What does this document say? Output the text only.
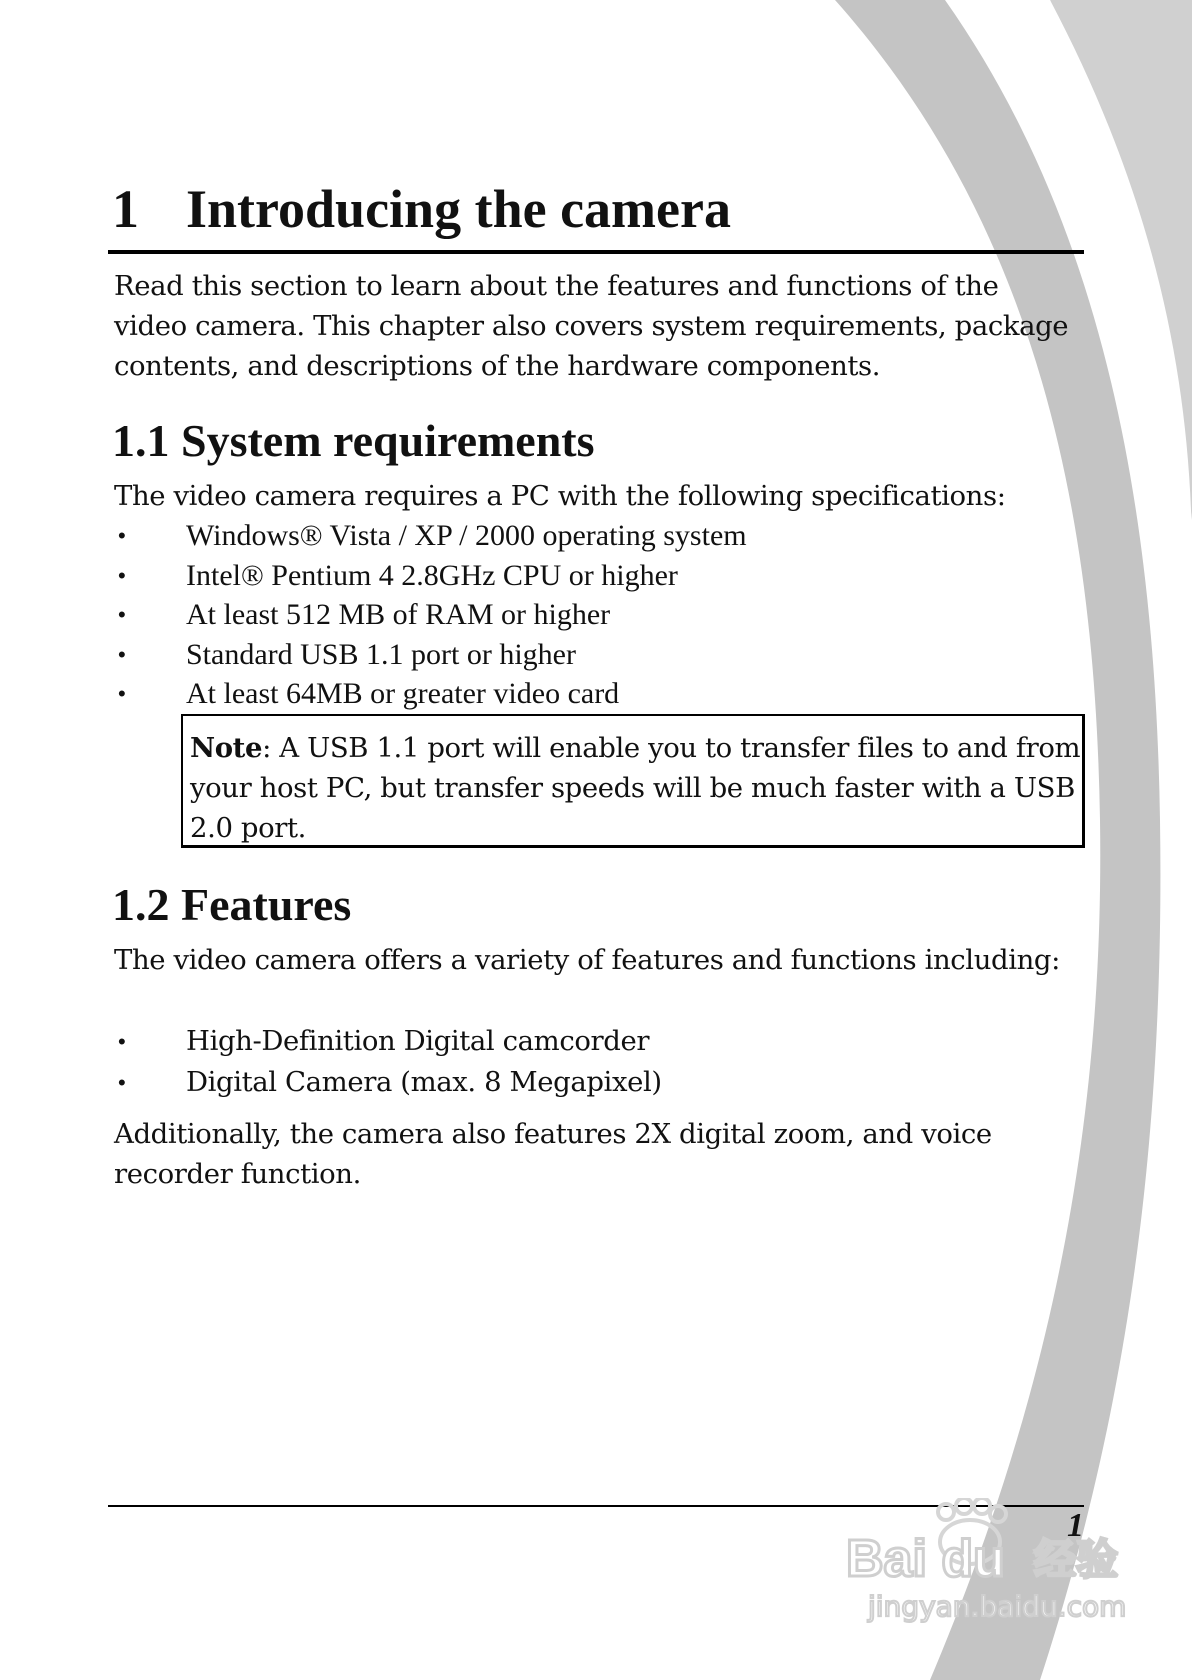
1 Introducing the camera

Read this section to learn about the features and functions of the video camera. This chapter also covers system requirements, package contents, and descriptions of the hardware components.

1.1 System requirements

The video camera requires a PC with the following specifications:

• Windows® Vista / XP / 2000 operating system
• Intel® Pentium 4 2.8GHz CPU or higher
• At least 512 MB of RAM or higher
• Standard USB 1.1 port or higher
• At least 64MB or greater video card
Note: A USB 1.1 port will enable you to transfer files to and from your host PC, but transfer speeds will be much faster with a USB 2.0 port.
1.2 Features

The video camera offers a variety of features and functions including:

• High-Definition Digital camcorder
• Digital Camera (max. 8 Megapixel)

Additionally, the camera also features 2X digital zoom, and voice recorder function.

1
Bai du 经验
jingyan.baidu.com
